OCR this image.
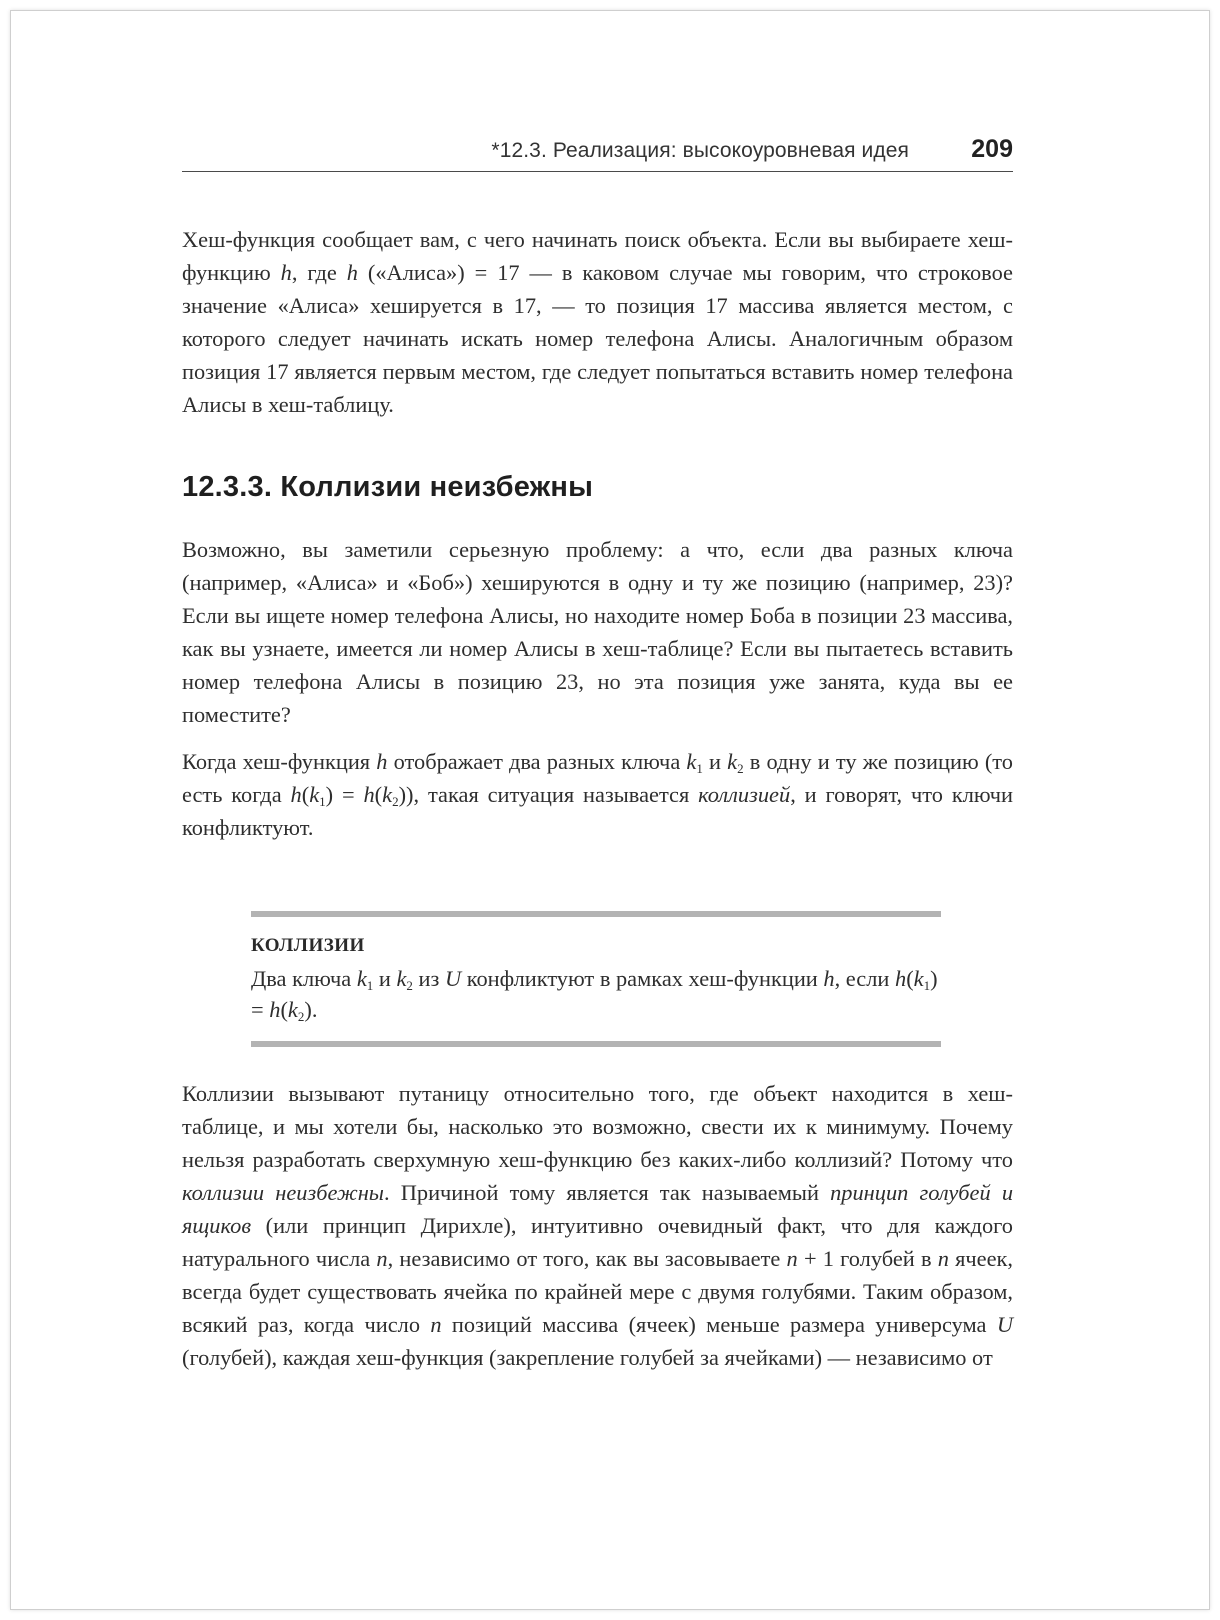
*12.3. Реализация: высокоуровневая идея 209

Хеш-функция сообщает вам, с чего начинать поиск объекта. Если вы выбираете хеш-функцию h, где h («Алиса») = 17 — в каковом случае мы говорим, что строковое значение «Алиса» хешируется в 17, — то позиция 17 массива является местом, с которого следует начинать искать номер телефона Алисы. Аналогичным образом позиция 17 является первым местом, где следует попытаться вставить номер телефона Алисы в хеш-таблицу.

12.3.3. Коллизии неизбежны

Возможно, вы заметили серьезную проблему: а что, если два разных ключа (например, «Алиса» и «Боб») хешируются в одну и ту же позицию (например, 23)? Если вы ищете номер телефона Алисы, но находите номер Боба в позиции 23 массива, как вы узнаете, имеется ли номер Алисы в хеш-таблице? Если вы пытаетесь вставить номер телефона Алисы в позицию 23, но эта позиция уже занята, куда вы ее поместите?

Когда хеш-функция h отображает два разных ключа $k_1$ и $k_2$ в одну и ту же позицию (то есть когда $h(k_1) = h(k_2)$), такая ситуация называется коллизией, и говорят, что ключи конфликтуют.

КОЛЛИЗИИ

Два ключа $k_1$ и $k_2$ из U конфликтуют в рамках хеш-функции h, если $h(k_1) = h(k_2)$.

Коллизии вызывают путаницу относительно того, где объект находится в хеш-таблице, и мы хотели бы, насколько это возможно, свести их к минимуму. Почему нельзя разработать сверхумную хеш-функцию без каких-либо коллизий? Потому что коллизии неизбежны. Причиной тому является так называемый принцип голубей и ящиков (или принцип Дирихле), интуитивно очевидный факт, что для каждого натурального числа n, независимо от того, как вы засовываете n + 1 голубей в n ячеек, всегда будет существовать ячейка по крайней мере с двумя голубями. Таким образом, всякий раз, когда число n позиций массива (ячеек) меньше размера универсума U (голубей), каждая хеш-функция (закрепление голубей за ячейками) — независимо от
